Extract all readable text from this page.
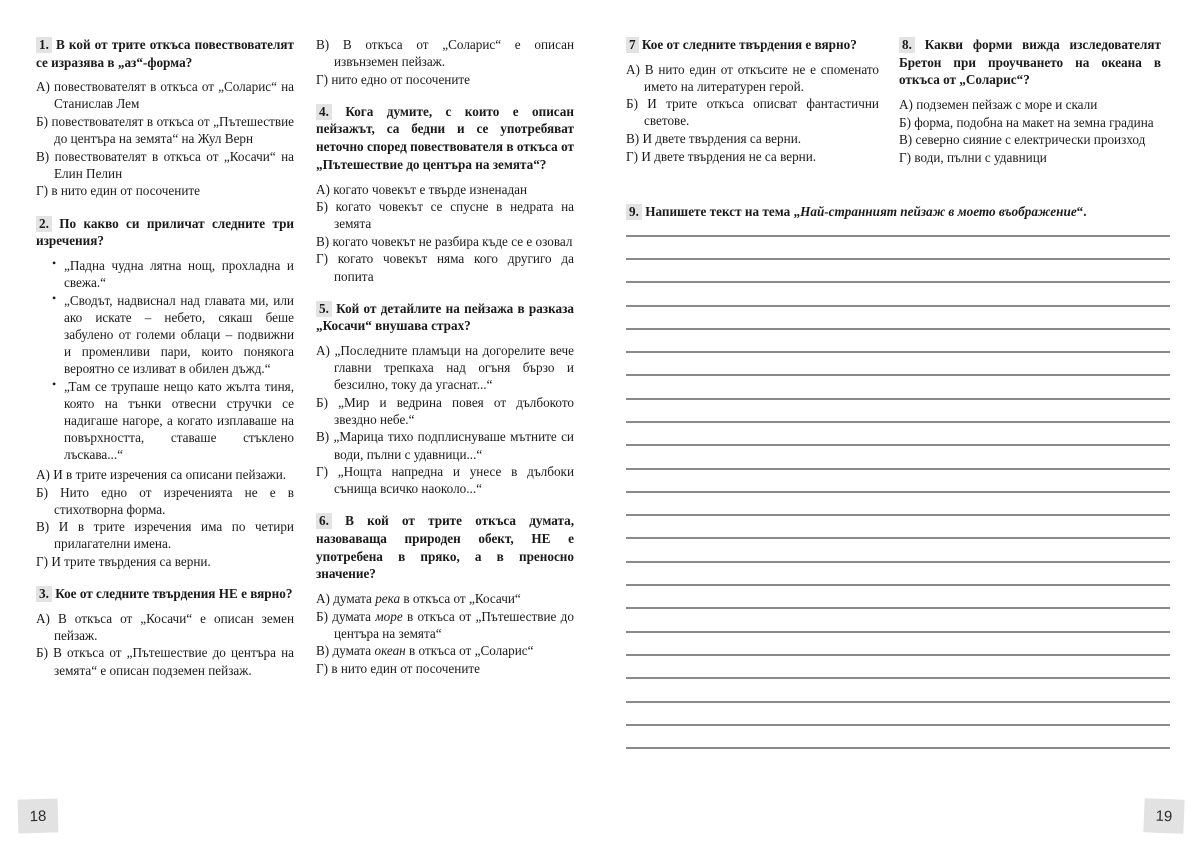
1. В кой от трите откъса повествователят се изразява в „аз“-форма?

А) повествователят в откъса от „Соларис“ на Станислав Лем
Б) повествователят в откъса от „Пътешествие до центъра на земята“ на Жул Верн
В) повествователят в откъса от „Косачи“ на Елин Пелин
Г) в нито един от посочените

2. По какво си приличат следните три изречения?

• „Падна чудна лятна нощ, прохладна и свежа.“
• „Сводът, надвиснал над главата ми, или ако искате – небето, сякаш беше забулено от големи облаци – подвижни и променливи пари, които понякога вероятно се изливат в обилен дъжд.“
• „Там се трупаше нещо като жълта тиня, която на тънки отвесни стручки се надигаше нагоре, а когато изплаваше на повърхността, ставаше стъклено лъскава...“
А) И в трите изречения са описани пейзажи.
Б) Нито едно от изреченията не е в стихотворна форма.
В) И в трите изречения има по четири прилагателни имена.
Г) И трите твърдения са верни.

3. Кое от следните твърдения НЕ е вярно?

А) В откъса от „Косачи“ е описан земен пейзаж.
Б) В откъса от „Пътешествие до центъра на земята“ е описан подземен пейзаж.
В) В откъса от „Соларис“ е описан извънземен пейзаж.
Г) нито едно от посочените

4. Кога думите, с които е описан пейзажът, са бедни и се употребяват неточно според повествователя в откъса от „Пътешествие до центъра на земята“?

А) когато човекът е твърде изненадан
Б) когато човекът се спусне в недрата на земята
В) когато човекът не разбира къде се е озовал
Г) когато човекът няма кого другиго да попита

5. Кой от детайлите на пейзажа в разказа „Косачи“ внушава страх?

А) „Последните пламъци на догорелите вече главни трепкаха над огъня бързо и безсилно, току да угаснат...“
Б) „Мир и ведрина повея от дълбокото звездно небе.“
В) „Марица тихо подплиснуваше мътните си води, пълни с удавници...“
Г) „Нощта напредна и унесе в дълбоки сънища всичко наоколо...“

6. В кой от трите откъса думата, назоваваща природен обект, НЕ е употребена в пряко, а в преносно значение?

А) думата река в откъса от „Косачи“
Б) думата море в откъса от „Пътешествие до центъра на земята“
В) думата океан в откъса от „Соларис“
Г) в нито един от посочените
18

7 Кое от следните твърдения е вярно?

А) В нито един от откъсите не е споменато името на литературен герой.
Б) И трите откъса описват фантастични светове.
В) И двете твърдения са верни.
Г) И двете твърдения не са верни.

8. Какви форми вижда изследователят Бретон при проучването на океана в откъса от „Соларис“?

А) подземен пейзаж с море и скали
Б) форма, подобна на макет на земна градина
В) северно сияние с електрически произход
Г) води, пълни с удавници

9. Напишете текст на тема „Най-странният пейзаж в моето въображение“.

19
